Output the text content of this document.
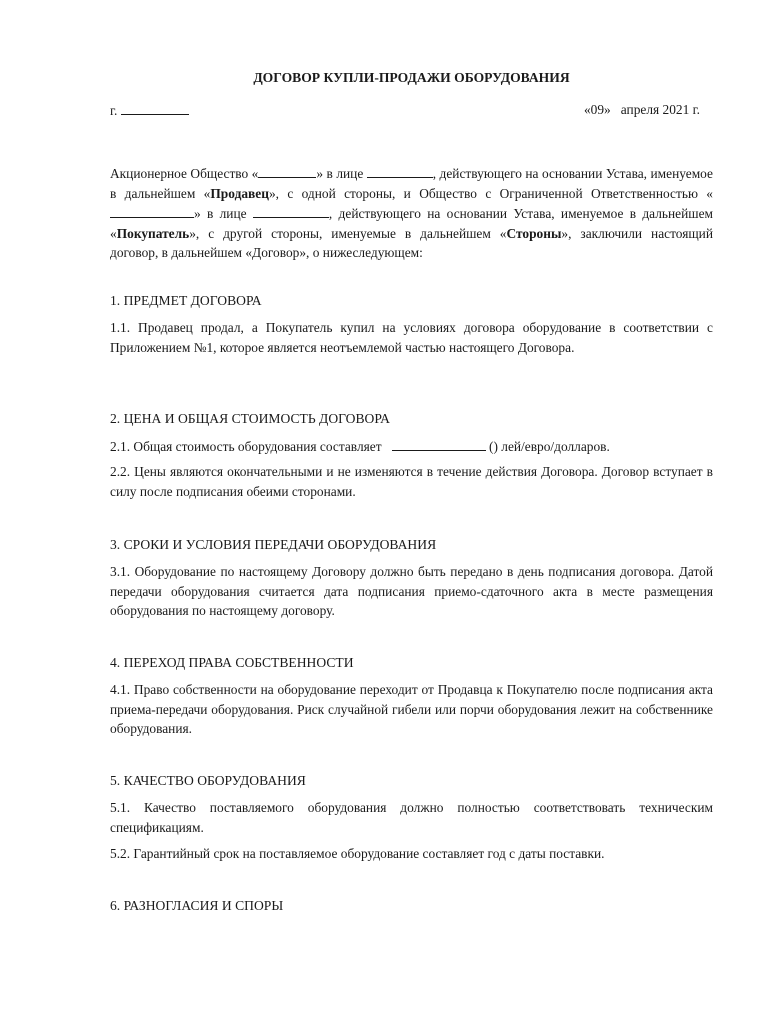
ДОГОВОР КУПЛИ-ПРОДАЖИ ОБОРУДОВАНИЯ
г.	«09» апреля 2021 г.

Акционерное Общество «	» в лице	, действующего на основании Устава, именуемое в дальнейшем «Продавец», с одной стороны, и Общество с Ограниченной Ответственностью «» в лице	, действующего на основании Устава, именуемое в дальнейшем «Покупатель», с другой стороны, именуемые в дальнейшем «Стороны», заключили настоящий договор, в дальнейшем «Договор», о нижеследующем:

1. ПРЕДМЕТ ДОГОВОРА

1.1. Продавец продал, а Покупатель купил на условиях договора оборудование в соответствии с Приложением №1, которое является неотъемлемой частью настоящего Договора.

2. ЦЕНА И ОБЩАЯ СТОИМОСТЬ ДОГОВОРА

2.1. Общая стоимость оборудования составляет	() лей/евро/долларов.

2.2. Цены являются окончательными и не изменяются в течение действия Договора. Договор вступает в силу после подписания обеими сторонами.

3. СРОКИ И УСЛОВИЯ ПЕРЕДАЧИ ОБОРУДОВАНИЯ

3.1. Оборудование по настоящему Договору должно быть передано в день подписания договора. Датой передачи оборудования считается дата подписания приемо-сдаточного акта в месте размещения оборудования по настоящему договору.

4. ПЕРЕХОД ПРАВА СОБСТВЕННОСТИ

4.1. Право собственности на оборудование переходит от Продавца к Покупателю после подписания акта приема-передачи оборудования. Риск случайной гибели или порчи оборудования лежит на собственнике оборудования.

5. КАЧЕСТВО ОБОРУДОВАНИЯ

5.1. Качество поставляемого оборудования должно полностью соответствовать техническим спецификациям.

5.2. Гарантийный срок на поставляемое оборудование составляет год с даты поставки.

6. РАЗНОГЛАСИЯ И СПОРЫ
